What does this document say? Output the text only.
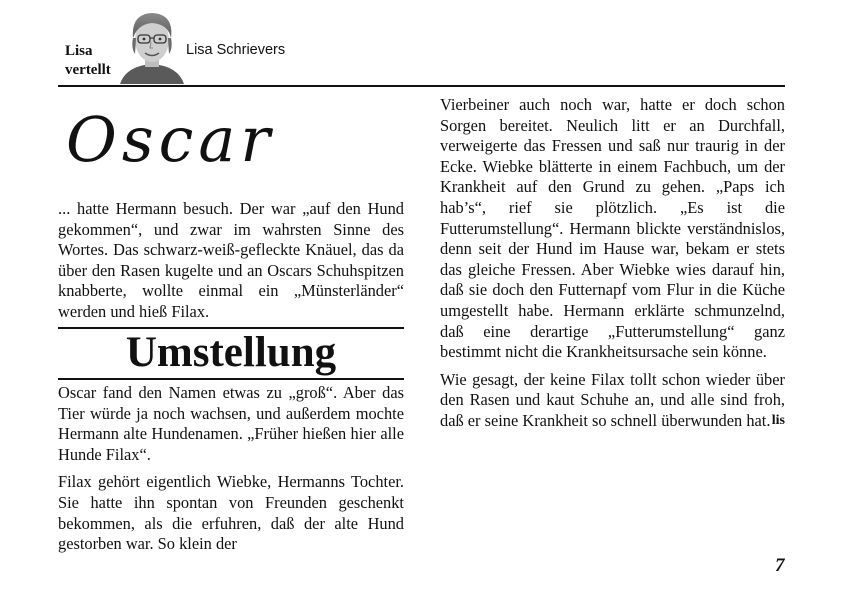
Lisa
vertellt
Lisa Schrievers
Oscar

... hatte Hermann besuch. Der war „auf den Hund gekommen“, und zwar im wahrsten Sinne des Wortes. Das schwarz-weiß-gefleckte Knäuel, das da über den Rasen kugelte und an Oscars Schuhspitzen knabberte, wollte einmal ein „Münsterländer“ werden und hieß Filax.

Umstellung

Oscar fand den Namen etwas zu „groß“. Aber das Tier würde ja noch wachsen, und außerdem mochte Hermann alte Hundenamen. „Früher hießen hier alle Hunde Filax“.

Filax gehört eigentlich Wiebke, Hermanns Tochter. Sie hatte ihn spontan von Freunden geschenkt bekommen, als die erfuhren, daß der alte Hund gestorben war. So klein der

Vierbeiner auch noch war, hatte er doch schon Sorgen bereitet. Neulich litt er an Durchfall, verweigerte das Fressen und saß nur traurig in der Ecke. Wiebke blätterte in einem Fachbuch, um der Krankheit auf den Grund zu gehen. „Paps ich hab’s“, rief sie plötzlich. „Es ist die Futterumstellung“. Hermann blickte verständnislos, denn seit der Hund im Hause war, bekam er stets das gleiche Fressen. Aber Wiebke wies darauf hin, daß sie doch den Futternapf vom Flur in die Küche umgestellt habe. Hermann erklärte schmunzelnd, daß eine derartige „Futterumstellung“ ganz bestimmt nicht die Krankheitsursache sein könne.

Wie gesagt, der keine Filax tollt schon wieder über den Rasen und kaut Schuhe an, und alle sind froh, daß er seine Krankheit so schnell überwunden hat. lis

7
